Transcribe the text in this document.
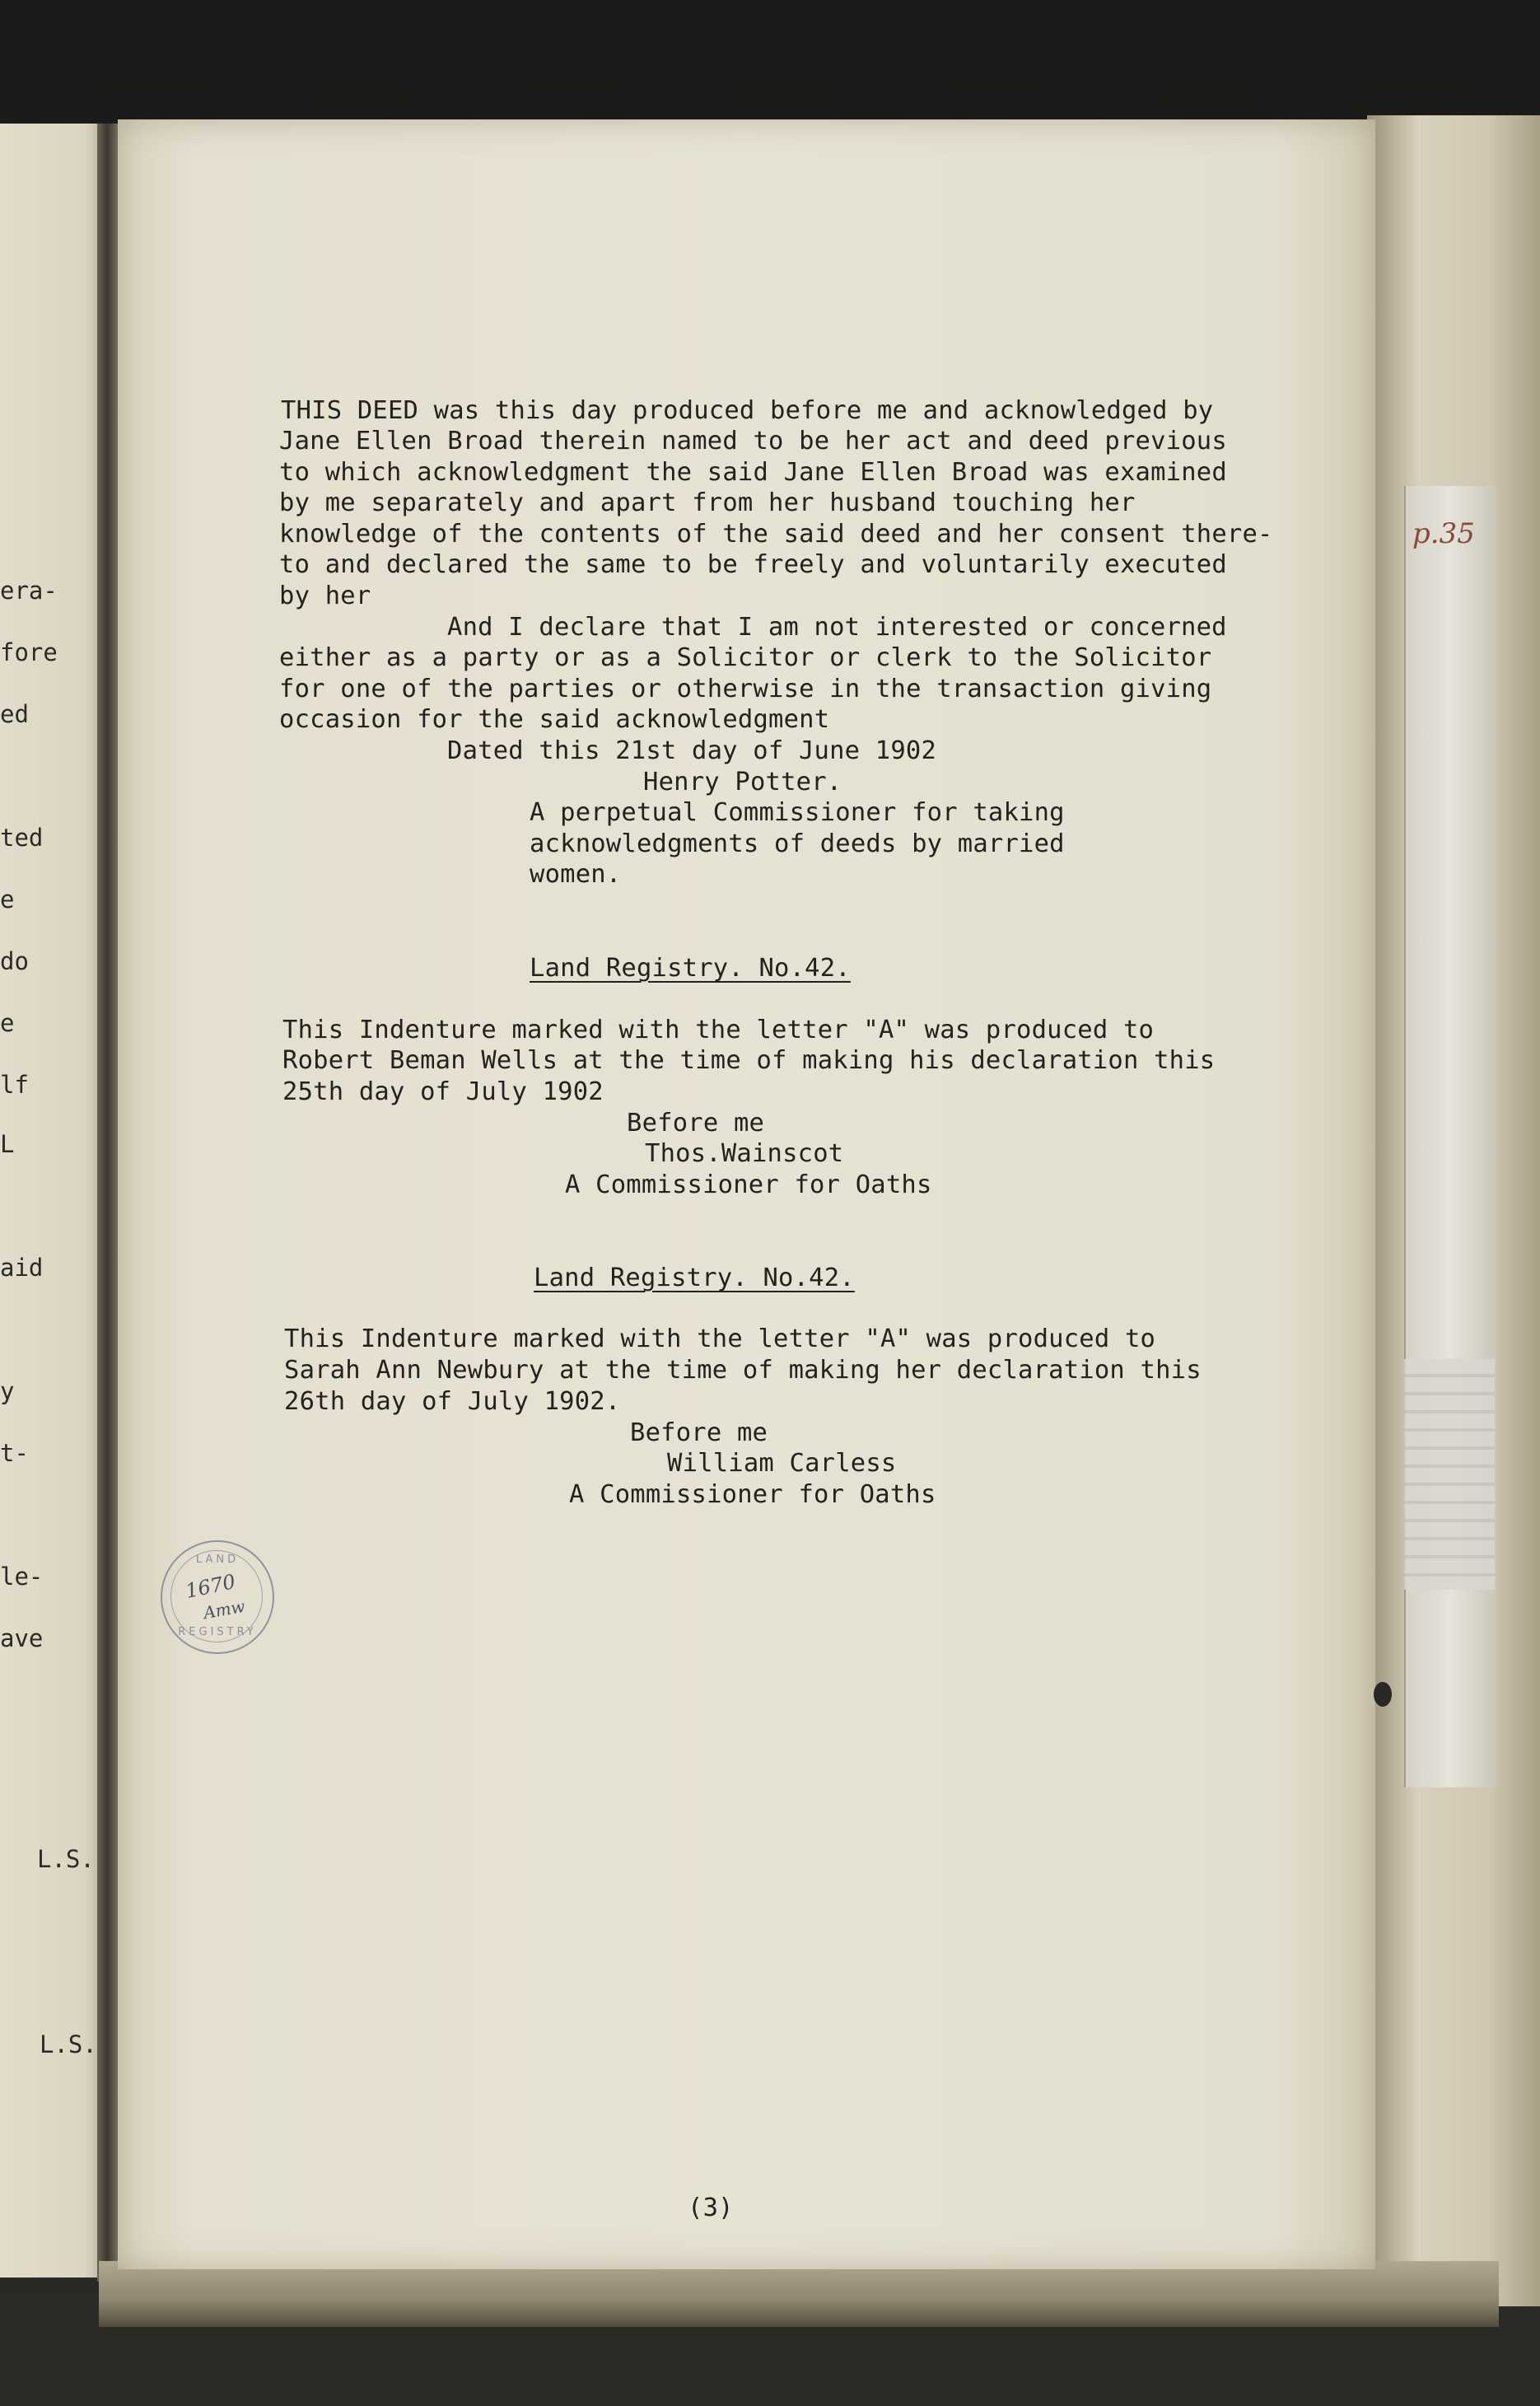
era-
fore
ed
ted
e
do
e
lf
L
aid
y
t-
le-
ave
L.S.
L.S.
p.35
THIS DEED was this day produced before me and acknowledged by
Jane Ellen Broad therein named to be her act and deed previous
to which acknowledgment the said Jane Ellen Broad was examined
by me separately and apart from her husband touching her
knowledge of the contents of the said deed and her consent there-
to and declared the same to be freely and voluntarily executed
by her
And I declare that I am not interested or concerned
either as a party or as a Solicitor or clerk to the Solicitor
for one of the parties or otherwise in the transaction giving
occasion for the said acknowledgment
Dated this 21st day of June 1902
Henry Potter.
A perpetual Commissioner for taking
acknowledgments of deeds by married
women.
Land Registry. No.42.
This Indenture marked with the letter "A" was produced to
Robert Beman Wells at the time of making his declaration this
25th day of July 1902
Before me
Thos.Wainscot
A Commissioner for Oaths
Land Registry. No.42.
This Indenture marked with the letter "A" was produced to
Sarah Ann Newbury at the time of making her declaration this
26th day of July 1902.
Before me
William Carless
A Commissioner for Oaths
(3)
LAND
1670
Amw
REGISTRY
